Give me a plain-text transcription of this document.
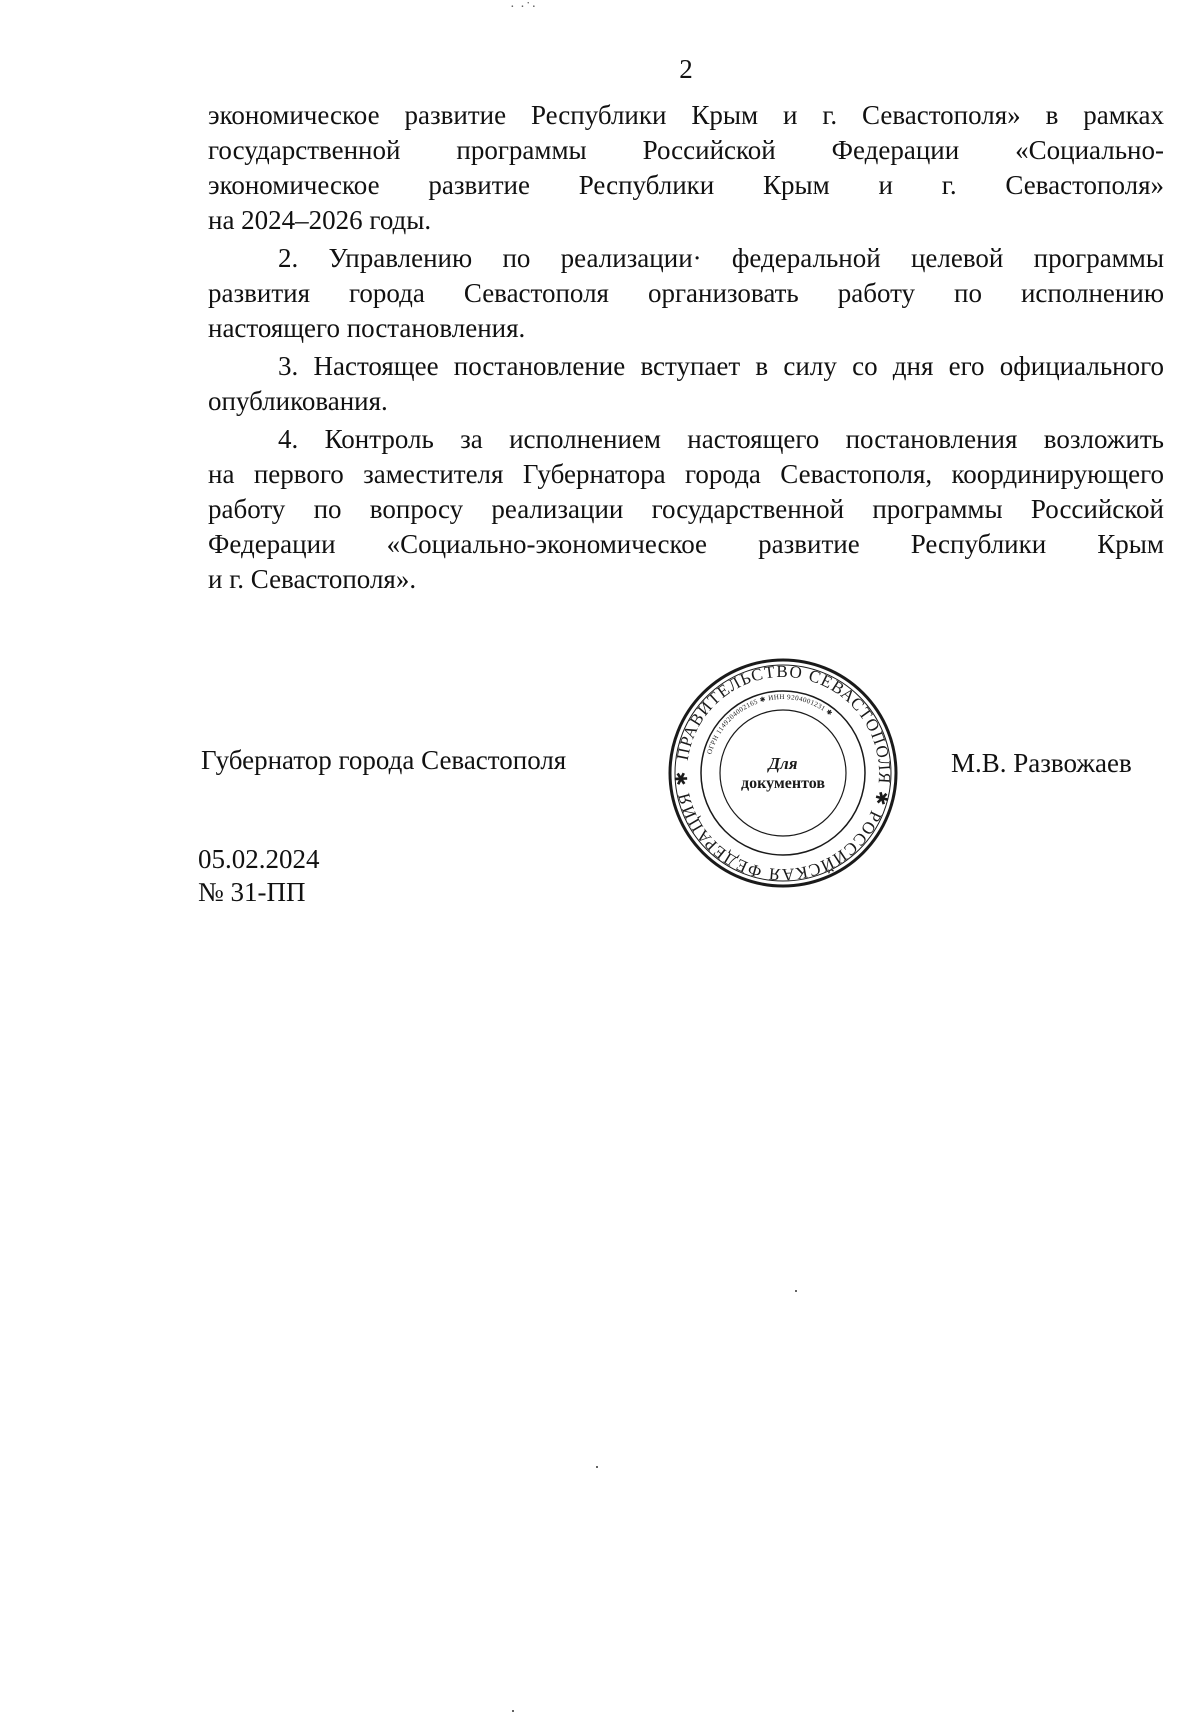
· ·˙·
2

экономическое развитие Республики Крым и г. Севастополя» в рамках
государственной программы Российской Федерации «Социально-
экономическое развитие Республики Крым и г. Севастополя»
на 2024–2026 годы.

2. Управлению по реализации· федеральной целевой программы

развития города Севастополя организовать работу по исполнению
настоящего постановления.

3. Настоящее постановление вступает в силу со дня его официального

опубликования.

4. Контроль за исполнением настоящего постановления возложить

на первого заместителя Губернатора города Севастополя, координирующего
работу по вопросу реализации государственной программы Российской
Федерации «Социально-экономическое развитие Республики Крым
и г. Севастополя».

Губернатор города Севастополя	ПРАВИТЕЛЬСТВО СЕВАСТОПОЛЯ ✱ РОССИЙСКАЯ ФЕДЕРАЦИЯ ✱
ОГРН 1149204002165 ✱ ИНН 9204001231 ✱
Для
документов
М.В. Развожаев
05.02.2024
№ 31-ПП
